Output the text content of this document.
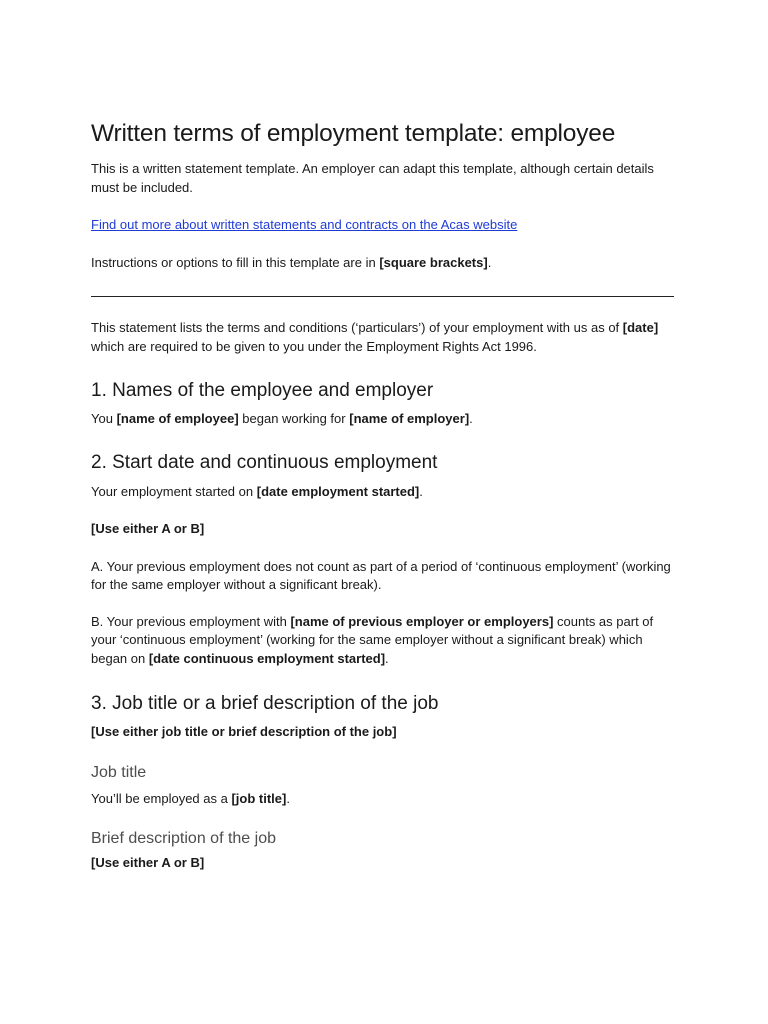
Written terms of employment template: employee

This is a written statement template. An employer can adapt this template, although certain details must be included.

Find out more about written statements and contracts on the Acas website

Instructions or options to fill in this template are in [square brackets].

This statement lists the terms and conditions (‘particulars’) of your employment with us as of [date] which are required to be given to you under the Employment Rights Act 1996.

1. Names of the employee and employer

You [name of employee] began working for [name of employer].

2. Start date and continuous employment

Your employment started on [date employment started].

[Use either A or B]

A. Your previous employment does not count as part of a period of ‘continuous employment’ (working for the same employer without a significant break).

B. Your previous employment with [name of previous employer or employers] counts as part of your ‘continuous employment’ (working for the same employer without a significant break) which began on [date continuous employment started].

3. Job title or a brief description of the job

[Use either job title or brief description of the job]

Job title

You’ll be employed as a [job title].

Brief description of the job

[Use either A or B]
